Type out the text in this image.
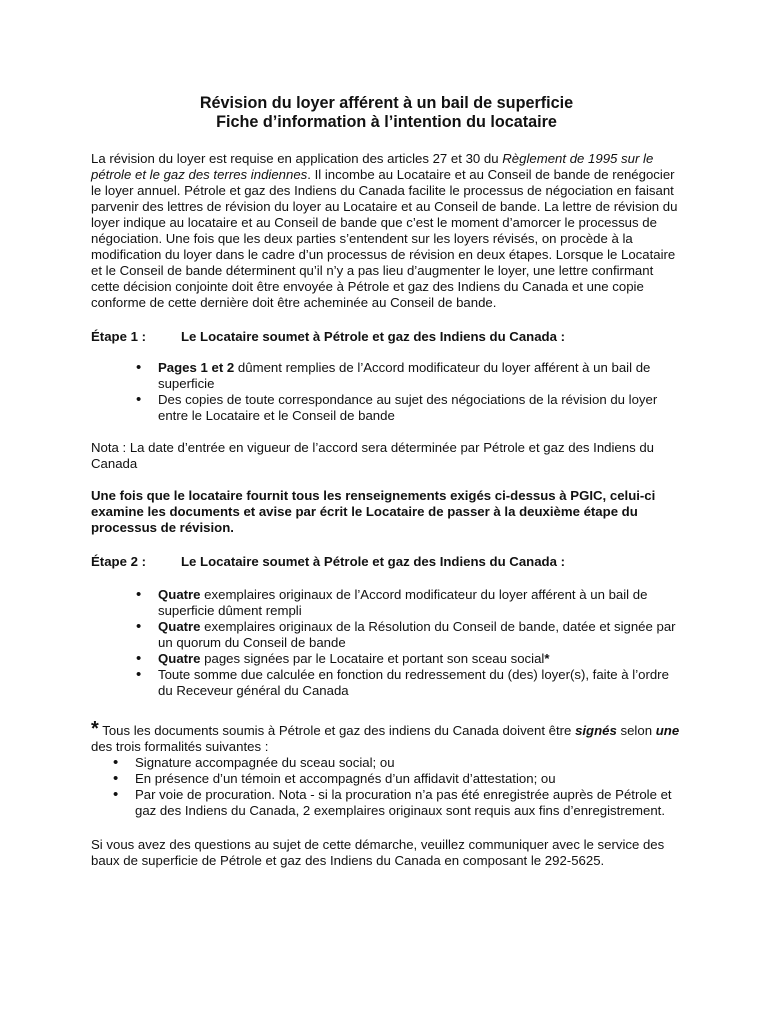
Révision du loyer afférent à un bail de superficie
Fiche d’information à l’intention du locataire

La révision du loyer est requise en application des articles 27 et 30 du Règlement de 1995 sur le pétrole et le gaz des terres indiennes. Il incombe au Locataire et au Conseil de bande de renégocier le loyer annuel. Pétrole et gaz des Indiens du Canada facilite le processus de négociation en faisant parvenir des lettres de révision du loyer au Locataire et au Conseil de bande. La lettre de révision du loyer indique au locataire et au Conseil de bande que c’est le moment d’amorcer le processus de négociation. Une fois que les deux parties s’entendent sur les loyers révisés, on procède à la modification du loyer dans le cadre d’un processus de révision en deux étapes. Lorsque le Locataire et le Conseil de bande déterminent qu’il n’y a pas lieu d’augmenter le loyer, une lettre confirmant cette décision conjointe doit être envoyée à Pétrole et gaz des Indiens du Canada et une copie conforme de cette dernière doit être acheminée au Conseil de bande.

Étape 1 :	Le Locataire soumet à Pétrole et gaz des Indiens du Canada :
• Pages 1 et 2 dûment remplies de l’Accord modificateur du loyer afférent à un bail de superficie
• Des copies de toute correspondance au sujet des négociations de la révision du loyer entre le Locataire et le Conseil de bande

Nota : La date d’entrée en vigueur de l’accord sera déterminée par Pétrole et gaz des Indiens du Canada

Une fois que le locataire fournit tous les renseignements exigés ci-dessus à PGIC, celui-ci examine les documents et avise par écrit le Locataire de passer à la deuxième étape du processus de révision.

Étape 2 :	Le Locataire soumet à Pétrole et gaz des Indiens du Canada :
• Quatre exemplaires originaux de l’Accord modificateur du loyer afférent à un bail de superficie dûment rempli
• Quatre exemplaires originaux de la Résolution du Conseil de bande, datée et signée par un quorum du Conseil de bande
• Quatre pages signées par le Locataire et portant son sceau social*
• Toute somme due calculée en fonction du redressement du (des) loyer(s), faite à l’ordre du Receveur général du Canada

* Tous les documents soumis à Pétrole et gaz des indiens du Canada doivent être signés selon une des trois formalités suivantes :

• Signature accompagnée du sceau social; ou
• En présence d’un témoin et accompagnés d’un affidavit d’attestation; ou
• Par voie de procuration. Nota - si la procuration n’a pas été enregistrée auprès de Pétrole et gaz des Indiens du Canada, 2 exemplaires originaux sont requis aux fins d’enregistrement.

Si vous avez des questions au sujet de cette démarche, veuillez communiquer avec le service des baux de superficie de Pétrole et gaz des Indiens du Canada en composant le 292-5625.
